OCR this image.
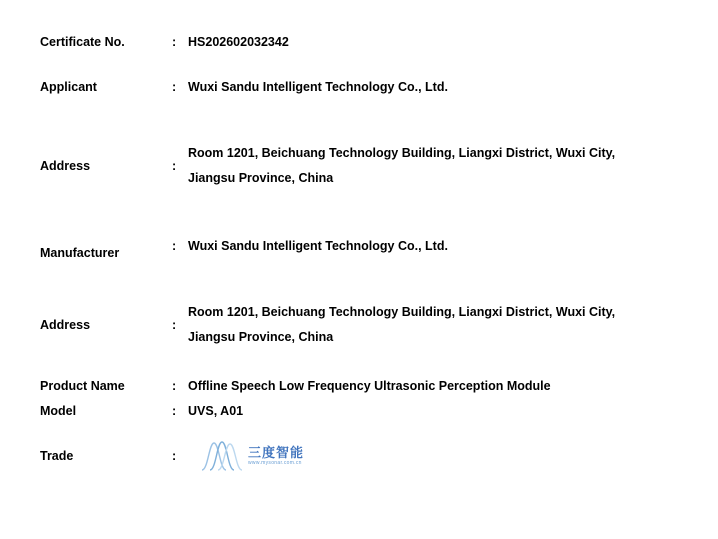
Certificate No.	: HS202602032342
Applicant	: Wuxi Sandu Intelligent Technology Co., Ltd.
Address	:
Room 1201, Beichuang Technology Building, Liangxi District, Wuxi City,
Jiangsu Province, China
Manufacturer	: Wuxi Sandu Intelligent Technology Co., Ltd.
Address	:
Room 1201, Beichuang Technology Building, Liangxi District, Wuxi City,
Jiangsu Province, China
Product Name	: Offline Speech Low Frequency Ultrasonic Perception Module
Model	: UVS, A01
Trade	:	三度智能
www.mysonar.com.cn
